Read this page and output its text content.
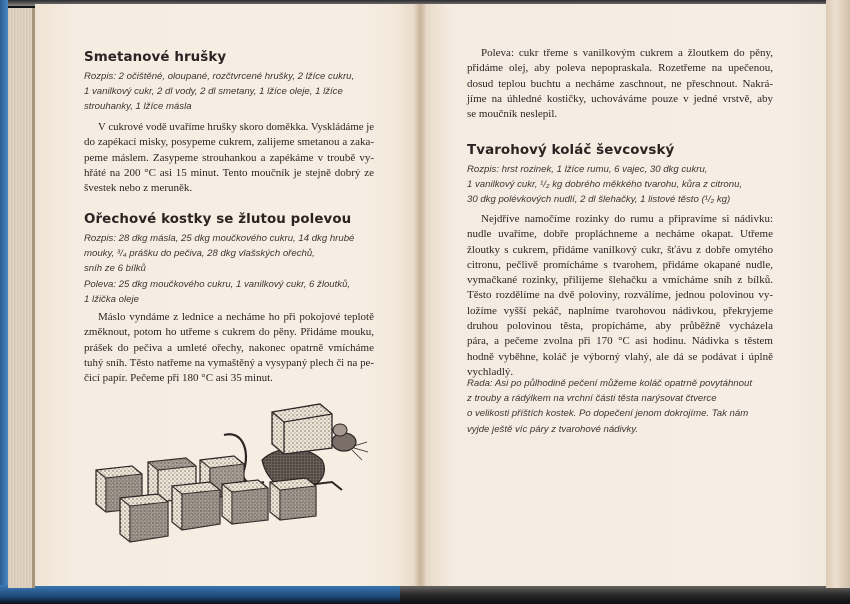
Smetanové hrušky
Rozpis: 2 očištěné, oloupané, rozčtvrcené hrušky, 2 lžíce cukru,
1 vanilkový cukr, 2 dl vody, 2 dl smetany, 1 lžíce oleje, 1 lžíce
strouhanky, 1 lžíce másla
V cukrové vodě uvaříme hrušky skoro doměkka. Vyskládáme je
do zapékací misky, posypeme cukrem, zalijeme smetanou a zaka-
peme máslem. Zasypeme strouhankou a zapékáme v troubě vy-
hřáté na 200 °C asi 15 minut. Tento moučník je stejně dobrý ze
švestek nebo z meruněk.
Ořechové kostky se žlutou polevou
Rozpis: 28 dkg másla, 25 dkg moučkového cukru, 14 dkg hrubé
mouky, ³/₄ prášku do pečiva, 28 dkg vlašských ořechů,
sníh ze 6 bílků
Poleva: 25 dkg moučkového cukru, 1 vanilkový cukr, 6 žloutků,
1 lžička oleje
Máslo vyndáme z lednice a necháme ho při pokojové teplotě
změknout, potom ho utřeme s cukrem do pěny. Přidáme mouku,
prášek do pečiva a umleté ořechy, nakonec opatrně vmícháme
tuhý sníh. Těsto natřeme na vymaštěný a vysypaný plech či na pe-
čicí papír. Pečeme při 180 °C asi 35 minut.
Poleva: cukr třeme s vanilkovým cukrem a žloutkem do pěny,
přidáme olej, aby poleva nepopraskala. Rozetřeme na upečenou,
dosud teplou buchtu a necháme zaschnout, ne přeschnout. Nakrá-
jíme na úhledné kostičky, uchováváme pouze v jedné vrstvě, aby
se moučník neslepil.
Tvarohový koláč ševcovský
Rozpis: hrst rozinek, 1 lžíce rumu, 6 vajec, 30 dkg cukru,
1 vanilkový cukr, ¹/₂ kg dobrého měkkého tvarohu, kůra z citronu,
30 dkg polévkových nudlí, 2 dl šlehačky, 1 listové těsto (¹/₂ kg)
Nejdříve namočíme rozinky do rumu a připravíme si nádivku:
nudle uvaříme, dobře propláchneme a necháme okapat. Utřeme
žloutky s cukrem, přidáme vanilkový cukr, šťávu z dobře omytého
citronu, pečlivě promícháme s tvarohem, přidáme okapané nudle,
vymačkané rozinky, přilijeme šlehačku a vmícháme sníh z bílků.
Těsto rozdělíme na dvě poloviny, rozválíme, jednou polovinou vy-
ložíme vyšší pekáč, naplníme tvarohovou nádivkou, překryjeme
druhou polovinou těsta, propícháme, aby průběžně vycházela
pára, a pečeme zvolna při 170 °C asi hodinu. Nádivka s těstem
hodně vyběhne, koláč je výborný vlahý, ale dá se podávat i úplně
vychladlý.
Rada: Asi po půlhodině pečení můžeme koláč opatrně povytáhnout
z trouby a rádýlkem na vrchní části těsta narýsovat čtverce
o velikosti příštích kostek. Po dopečení jenom dokrojíme. Tak nám
vyjde ještě víc páry z tvarohové nádivky.
